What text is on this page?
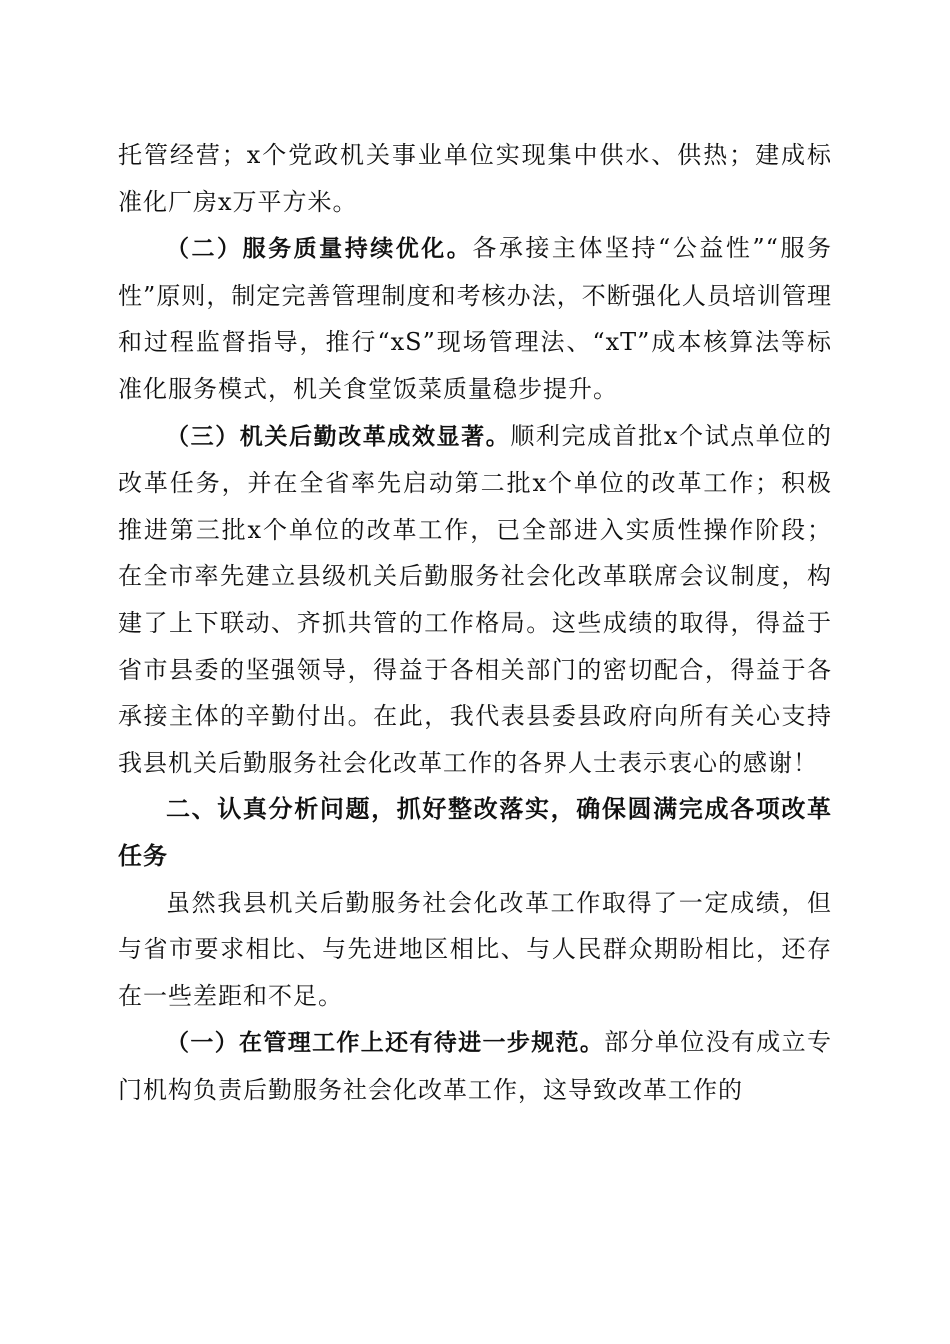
托管经营；x个党政机关事业单位实现集中供水、供热；建成标准化厂房x万平方米。

（二）服务质量持续优化。各承接主体坚持“公益性”“服务性”原则，制定完善管理制度和考核办法，不断强化人员培训管理和过程监督指导，推行“xS”现场管理法、“xT”成本核算法等标准化服务模式，机关食堂饭菜质量稳步提升。

（三）机关后勤改革成效显著。顺利完成首批x个试点单位的改革任务，并在全省率先启动第二批x个单位的改革工作；积极推进第三批x个单位的改革工作，已全部进入实质性操作阶段；在全市率先建立县级机关后勤服务社会化改革联席会议制度，构建了上下联动、齐抓共管的工作格局。这些成绩的取得，得益于省市县委的坚强领导，得益于各相关部门的密切配合，得益于各承接主体的辛勤付出。在此，我代表县委县政府向所有关心支持我县机关后勤服务社会化改革工作的各界人士表示衷心的感谢！

二、认真分析问题，抓好整改落实，确保圆满完成各项改革任务

虽然我县机关后勤服务社会化改革工作取得了一定成绩，但与省市要求相比、与先进地区相比、与人民群众期盼相比，还存在一些差距和不足。

（一）在管理工作上还有待进一步规范。部分单位没有成立专门机构负责后勤服务社会化改革工作，这导致改革工作的
